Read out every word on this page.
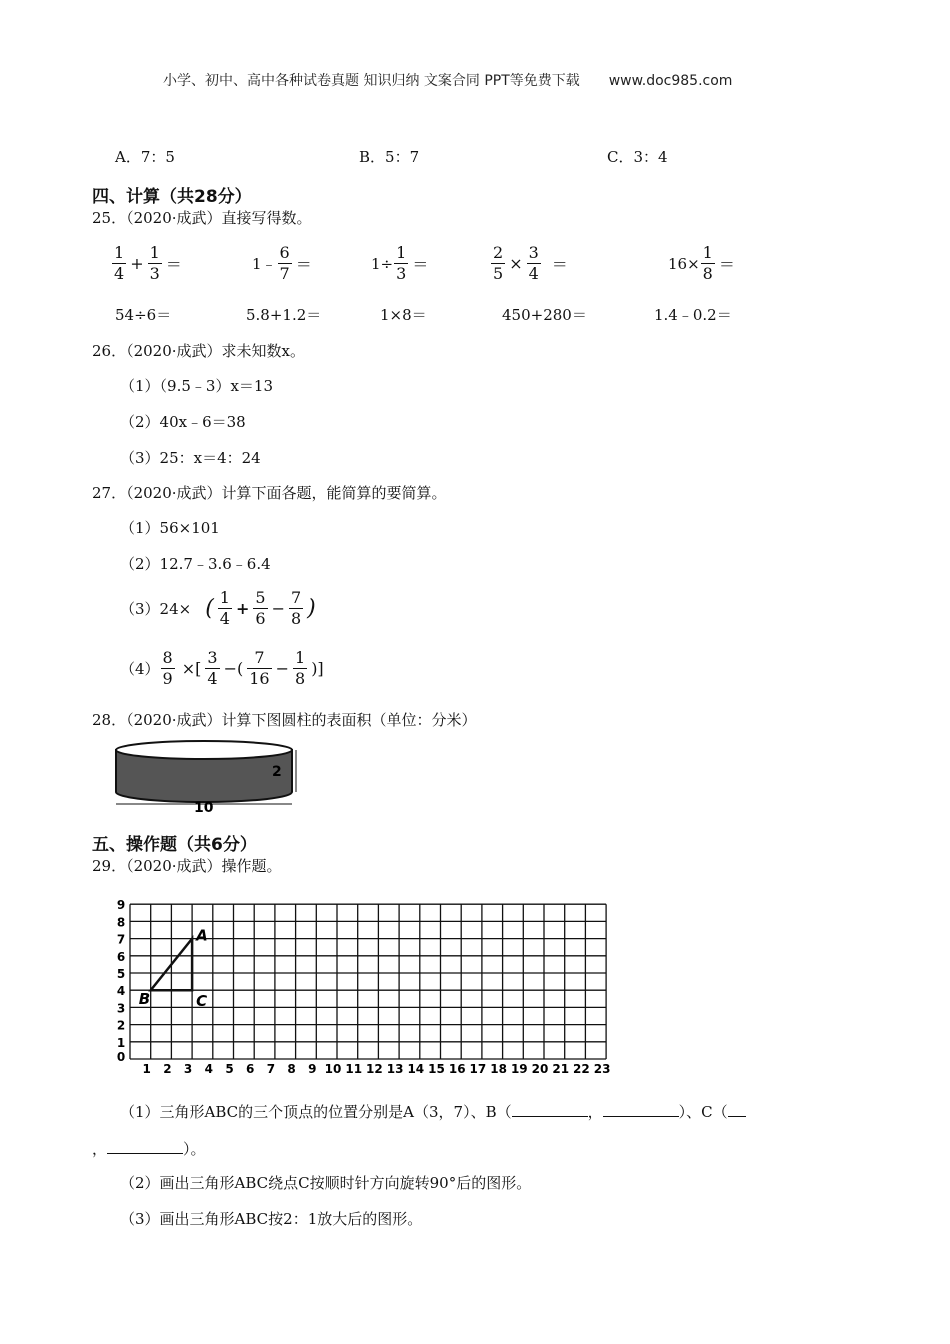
小学、初中、高中各种试卷真题 知识归纳 文案合同 PPT等免费下载 www.doc985.com
A．7：5	B．5：7	C．3：4
四、计算（共28分）
25．（2020·成武）直接写得数。
$\frac{1}{4} + \frac{1}{3}$ ＝	1﹣ $\frac{6}{7}$ ＝	$1\div \frac{1}{3}$ ＝	$\frac{2}{5} \times \frac{3}{4}$ ＝	$16\times \frac{1}{8}$ ＝
54÷6＝	5.8+1.2＝	1×8＝	450+280＝	1.4﹣0.2＝
26．（2020·成武）求未知数x。
（1）（9.5﹣3）x＝13
（2）40x﹣6＝38
（3）25：x＝4：24
27．（2020·成武）计算下面各题，能简算的要简算。
（1）56×101
（2）12.7﹣3.6﹣6.4
（3）24× ( $\frac{1}{4} + \frac{5}{6} - \frac{7}{8}$ )
$(4) \frac{8}{9}$ ×[ $\frac{3}{4}$ −( $\frac{7}{16} - \frac{1}{8}$ )]
28．（2020·成武）计算下图圆柱的表面积（单位：分米）
2
10
五、操作题（共6分）
29．（2020·成武）操作题。
1 2 3 4 5 6 7 8 9 10 11 12 13 14 15 16 17 18 19 20 21 22 23
0
1
2
3
4
5
6
7
8
9
A
B	C
（1）三角形ABC的三个顶点的位置分别是A（3，7）、B（	，	）、C（
，	）。
（2）画出三角形ABC绕点C按顺时针方向旋转90°后的图形。
（3）画出三角形ABC按2：1放大后的图形。
